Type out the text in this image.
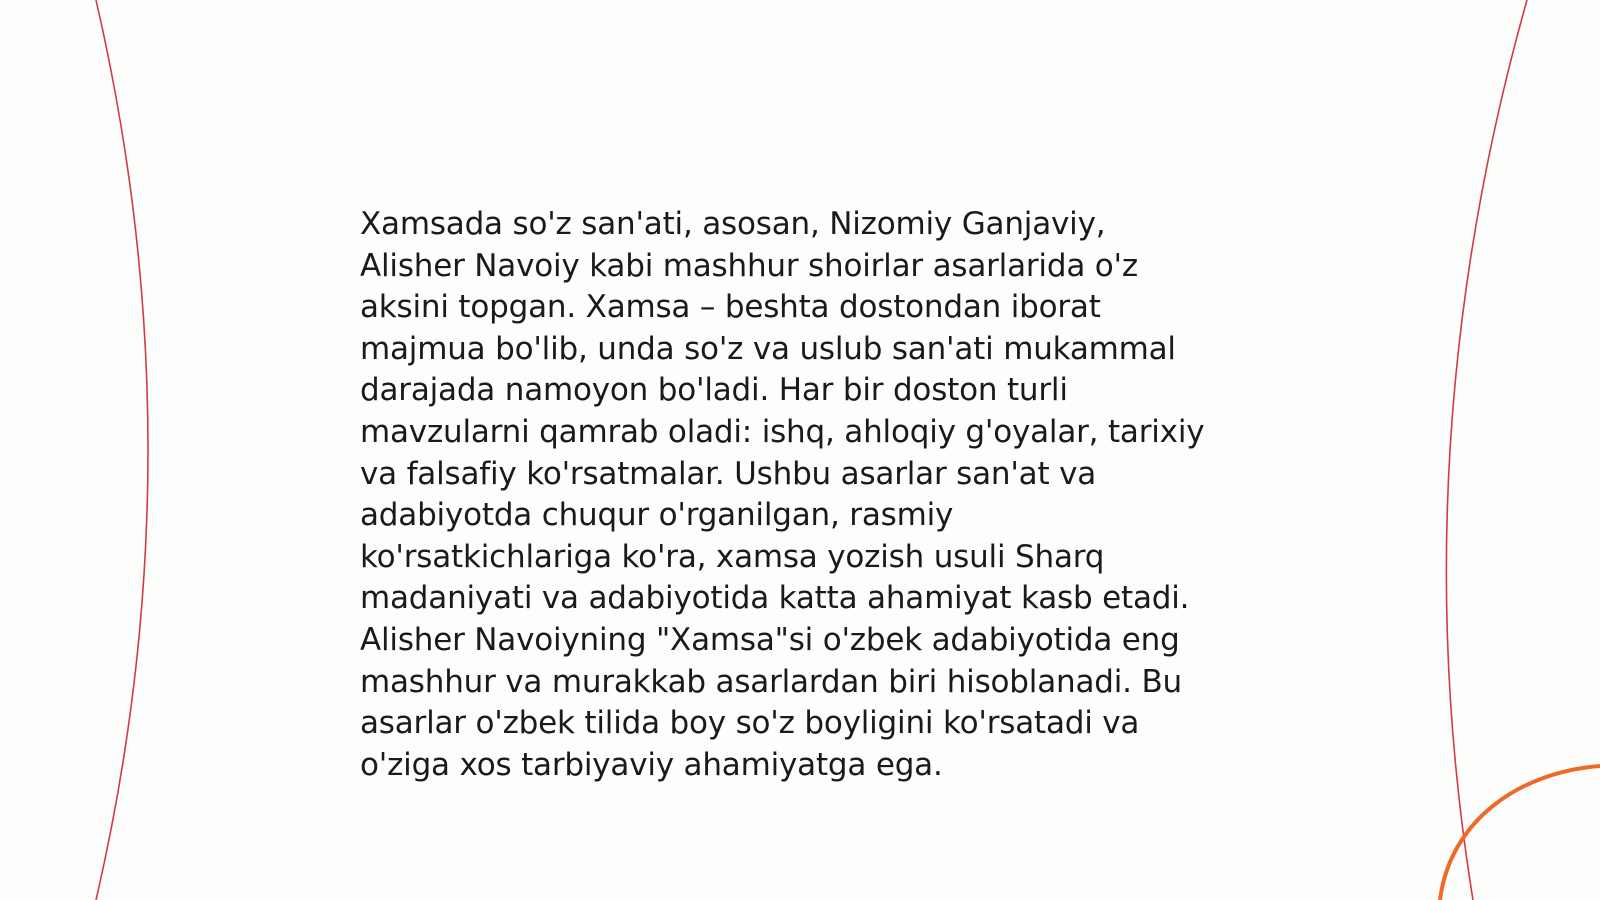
Xamsada so'z san'ati, asosan, Nizomiy Ganjaviy,
Alisher Navoiy kabi mashhur shoirlar asarlarida o'z
aksini topgan. Xamsa – beshta dostondan iborat
majmua bo'lib, unda so'z va uslub san'ati mukammal
darajada namoyon bo'ladi. Har bir doston turli
mavzularni qamrab oladi: ishq, ahloqiy g'oyalar, tarixiy
va falsafiy ko'rsatmalar. Ushbu asarlar san'at va
adabiyotda chuqur o'rganilgan, rasmiy
ko'rsatkichlariga ko'ra, xamsa yozish usuli Sharq
madaniyati va adabiyotida katta ahamiyat kasb etadi.
Alisher Navoiyning "Xamsa"si o'zbek adabiyotida eng
mashhur va murakkab asarlardan biri hisoblanadi. Bu
asarlar o'zbek tilida boy so'z boyligini ko'rsatadi va
o'ziga xos tarbiyaviy ahamiyatga ega.
